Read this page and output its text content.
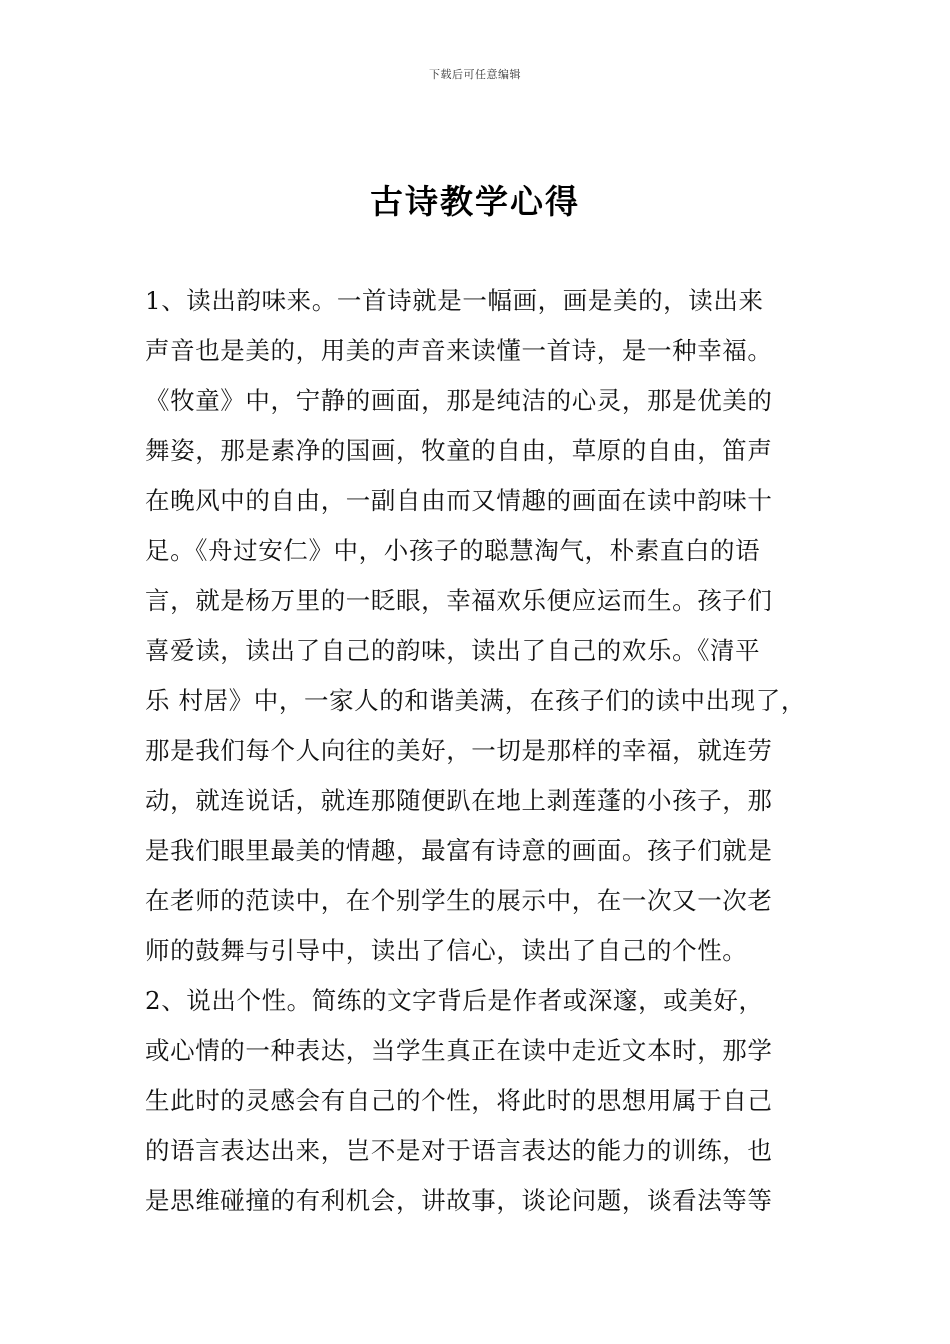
下载后可任意编辑
古诗教学心得
1、读出韵味来。一首诗就是一幅画，画是美的，读出来
声音也是美的，用美的声音来读懂一首诗，是一种幸福。
《牧童》中，宁静的画面，那是纯洁的心灵，那是优美的
舞姿，那是素净的国画，牧童的自由，草原的自由，笛声
在晚风中的自由，一副自由而又情趣的画面在读中韵味十
足。《舟过安仁》中，小孩子的聪慧淘气，朴素直白的语
言，就是杨万里的一眨眼，幸福欢乐便应运而生。孩子们
喜爱读，读出了自己的韵味，读出了自己的欢乐。《清平
乐 村居》中，一家人的和谐美满，在孩子们的读中出现了，
那是我们每个人向往的美好，一切是那样的幸福，就连劳
动，就连说话，就连那随便趴在地上剥莲蓬的小孩子，那
是我们眼里最美的情趣，最富有诗意的画面。孩子们就是
在老师的范读中，在个别学生的展示中，在一次又一次老
师的鼓舞与引导中，读出了信心，读出了自己的个性。
2、说出个性。简练的文字背后是作者或深邃，或美好，
或心情的一种表达，当学生真正在读中走近文本时，那学
生此时的灵感会有自己的个性，将此时的思想用属于自己
的语言表达出来，岂不是对于语言表达的能力的训练，也
是思维碰撞的有利机会，讲故事，谈论问题，谈看法等等
